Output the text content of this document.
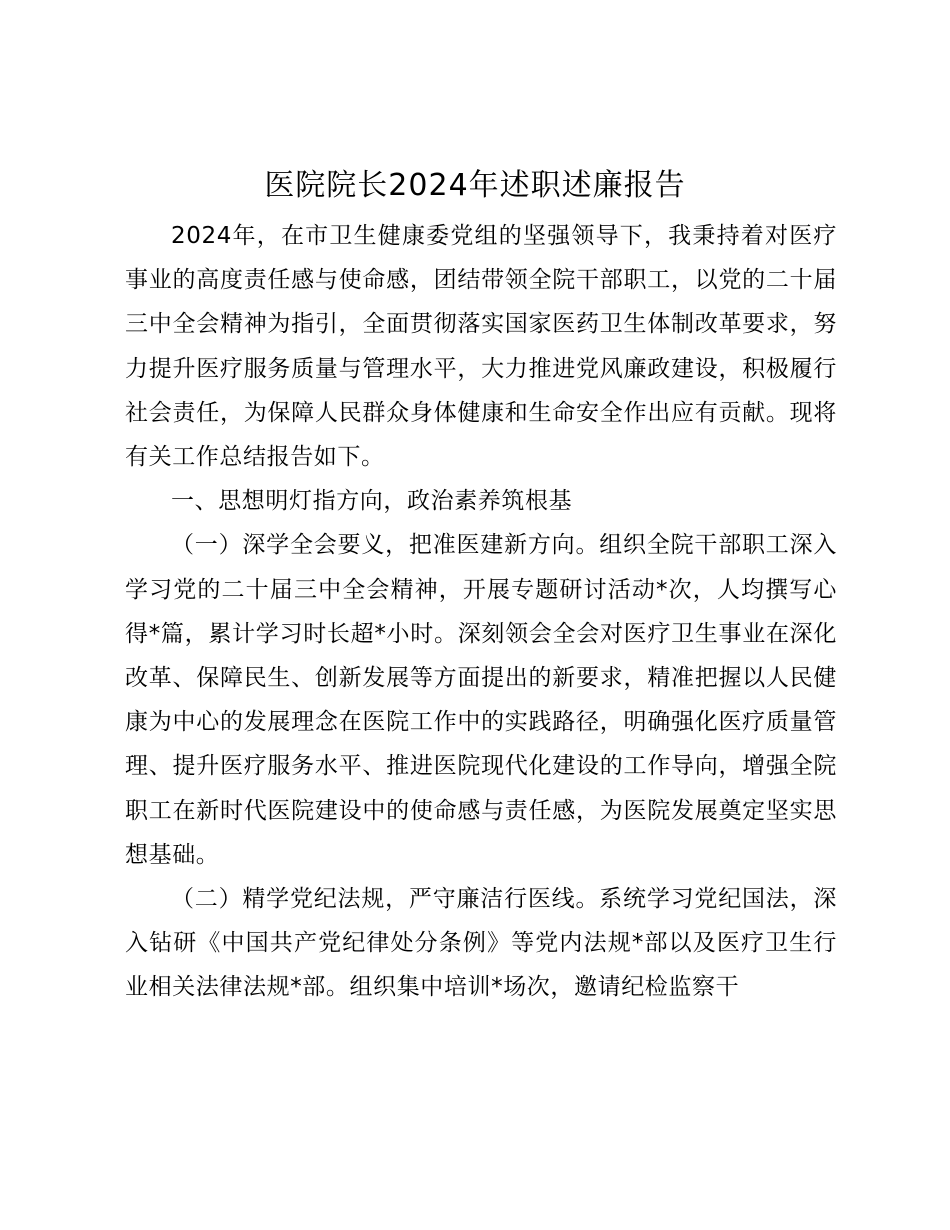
医院院长2024年述职述廉报告

2024年，在市卫生健康委党组的坚强领导下，我秉持着对医疗事业的高度责任感与使命感，团结带领全院干部职工，以党的二十届三中全会精神为指引，全面贯彻落实国家医药卫生体制改革要求，努力提升医疗服务质量与管理水平，大力推进党风廉政建设，积极履行社会责任，为保障人民群众身体健康和生命安全作出应有贡献。现将有关工作总结报告如下。

一、思想明灯指方向，政治素养筑根基

（一）深学全会要义，把准医建新方向。组织全院干部职工深入学习党的二十届三中全会精神，开展专题研讨活动*次，人均撰写心得*篇，累计学习时长超*小时。深刻领会全会对医疗卫生事业在深化改革、保障民生、创新发展等方面提出的新要求，精准把握以人民健康为中心的发展理念在医院工作中的实践路径，明确强化医疗质量管理、提升医疗服务水平、推进医院现代化建设的工作导向，增强全院职工在新时代医院建设中的使命感与责任感，为医院发展奠定坚实思想基础。

（二）精学党纪法规，严守廉洁行医线。系统学习党纪国法，深入钻研《中国共产党纪律处分条例》等党内法规*部以及医疗卫生行业相关法律法规*部。组织集中培训*场次，邀请纪检监察干
